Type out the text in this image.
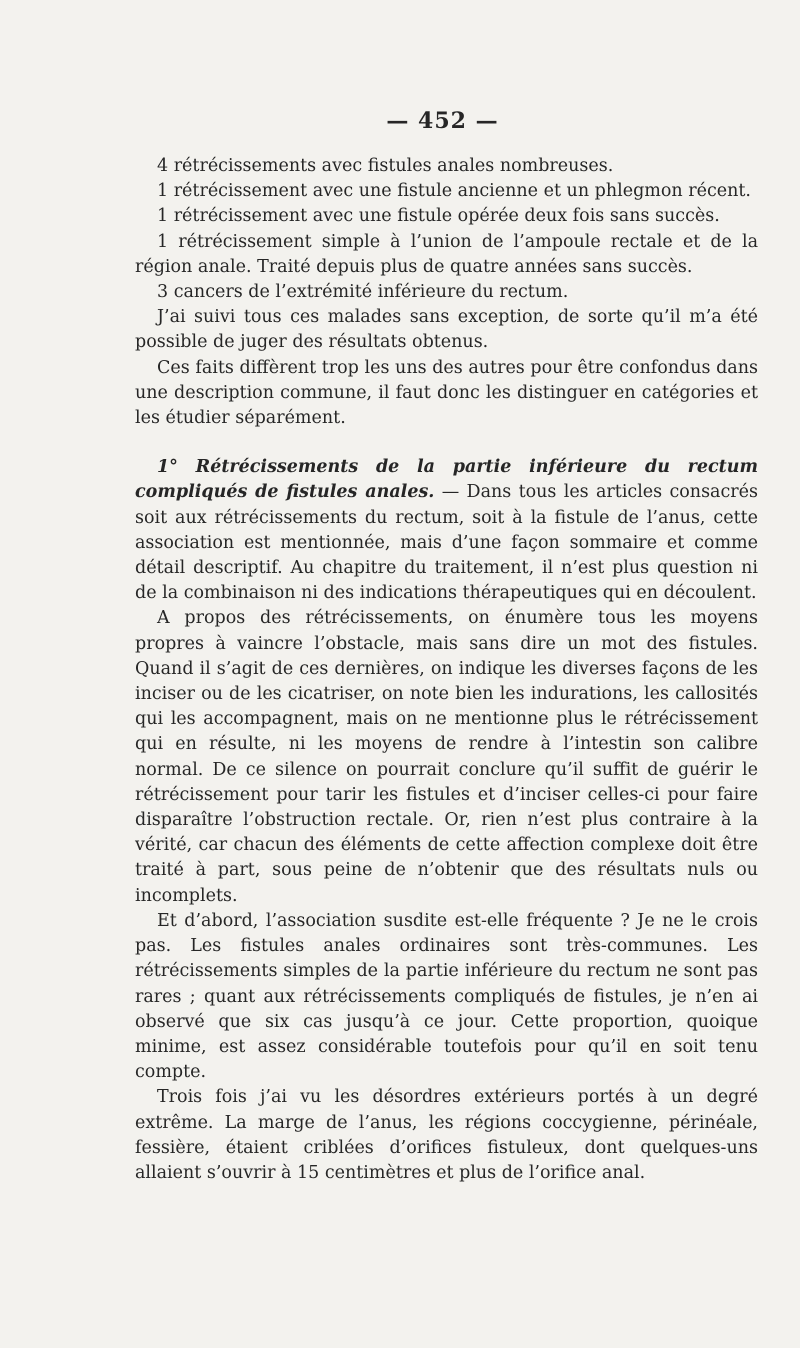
— 452 —

4 rétrécissements avec fistules anales nombreuses.

1 rétrécissement avec une fistule ancienne et un phlegmon récent.

1 rétrécissement avec une fistule opérée deux fois sans succès.

1 rétrécissement simple à l’union de l’ampoule rectale et de la région anale. Traité depuis plus de quatre années sans succès.

3 cancers de l’extrémité inférieure du rectum.

J’ai suivi tous ces malades sans exception, de sorte qu’il m’a été possible de juger des résultats obtenus.

Ces faits diffèrent trop les uns des autres pour être confondus dans une description commune, il faut donc les distinguer en catégories et les étudier séparément.

1° Rétrécissements de la partie inférieure du rectum compliqués de fistules anales. — Dans tous les articles consacrés soit aux rétrécissements du rectum, soit à la fistule de l’anus, cette association est mentionnée, mais d’une façon sommaire et comme détail descriptif. Au chapitre du traitement, il n’est plus question ni de la combinaison ni des indications thérapeutiques qui en découlent.

A propos des rétrécissements, on énumère tous les moyens propres à vaincre l’obstacle, mais sans dire un mot des fistules. Quand il s’agit de ces dernières, on indique les diverses façons de les inciser ou de les cicatriser, on note bien les indurations, les callosités qui les accompagnent, mais on ne mentionne plus le rétrécissement qui en résulte, ni les moyens de rendre à l’intestin son calibre normal. De ce silence on pourrait conclure qu’il suffit de guérir le rétrécissement pour tarir les fistules et d’inciser celles-ci pour faire disparaître l’obstruction rectale. Or, rien n’est plus contraire à la vérité, car chacun des éléments de cette affection complexe doit être traité à part, sous peine de n’obtenir que des résultats nuls ou incomplets.

Et d’abord, l’association susdite est-elle fréquente ? Je ne le crois pas. Les fistules anales ordinaires sont très-communes. Les rétrécissements simples de la partie inférieure du rectum ne sont pas rares ; quant aux rétrécissements compliqués de fistules, je n’en ai observé que six cas jusqu’à ce jour. Cette proportion, quoique minime, est assez considérable toutefois pour qu’il en soit tenu compte.

Trois fois j’ai vu les désordres extérieurs portés à un degré extrême. La marge de l’anus, les régions coccygienne, périnéale, fessière, étaient criblées d’orifices fistuleux, dont quelques-uns allaient s’ouvrir à 15 centimètres et plus de l’orifice anal.
